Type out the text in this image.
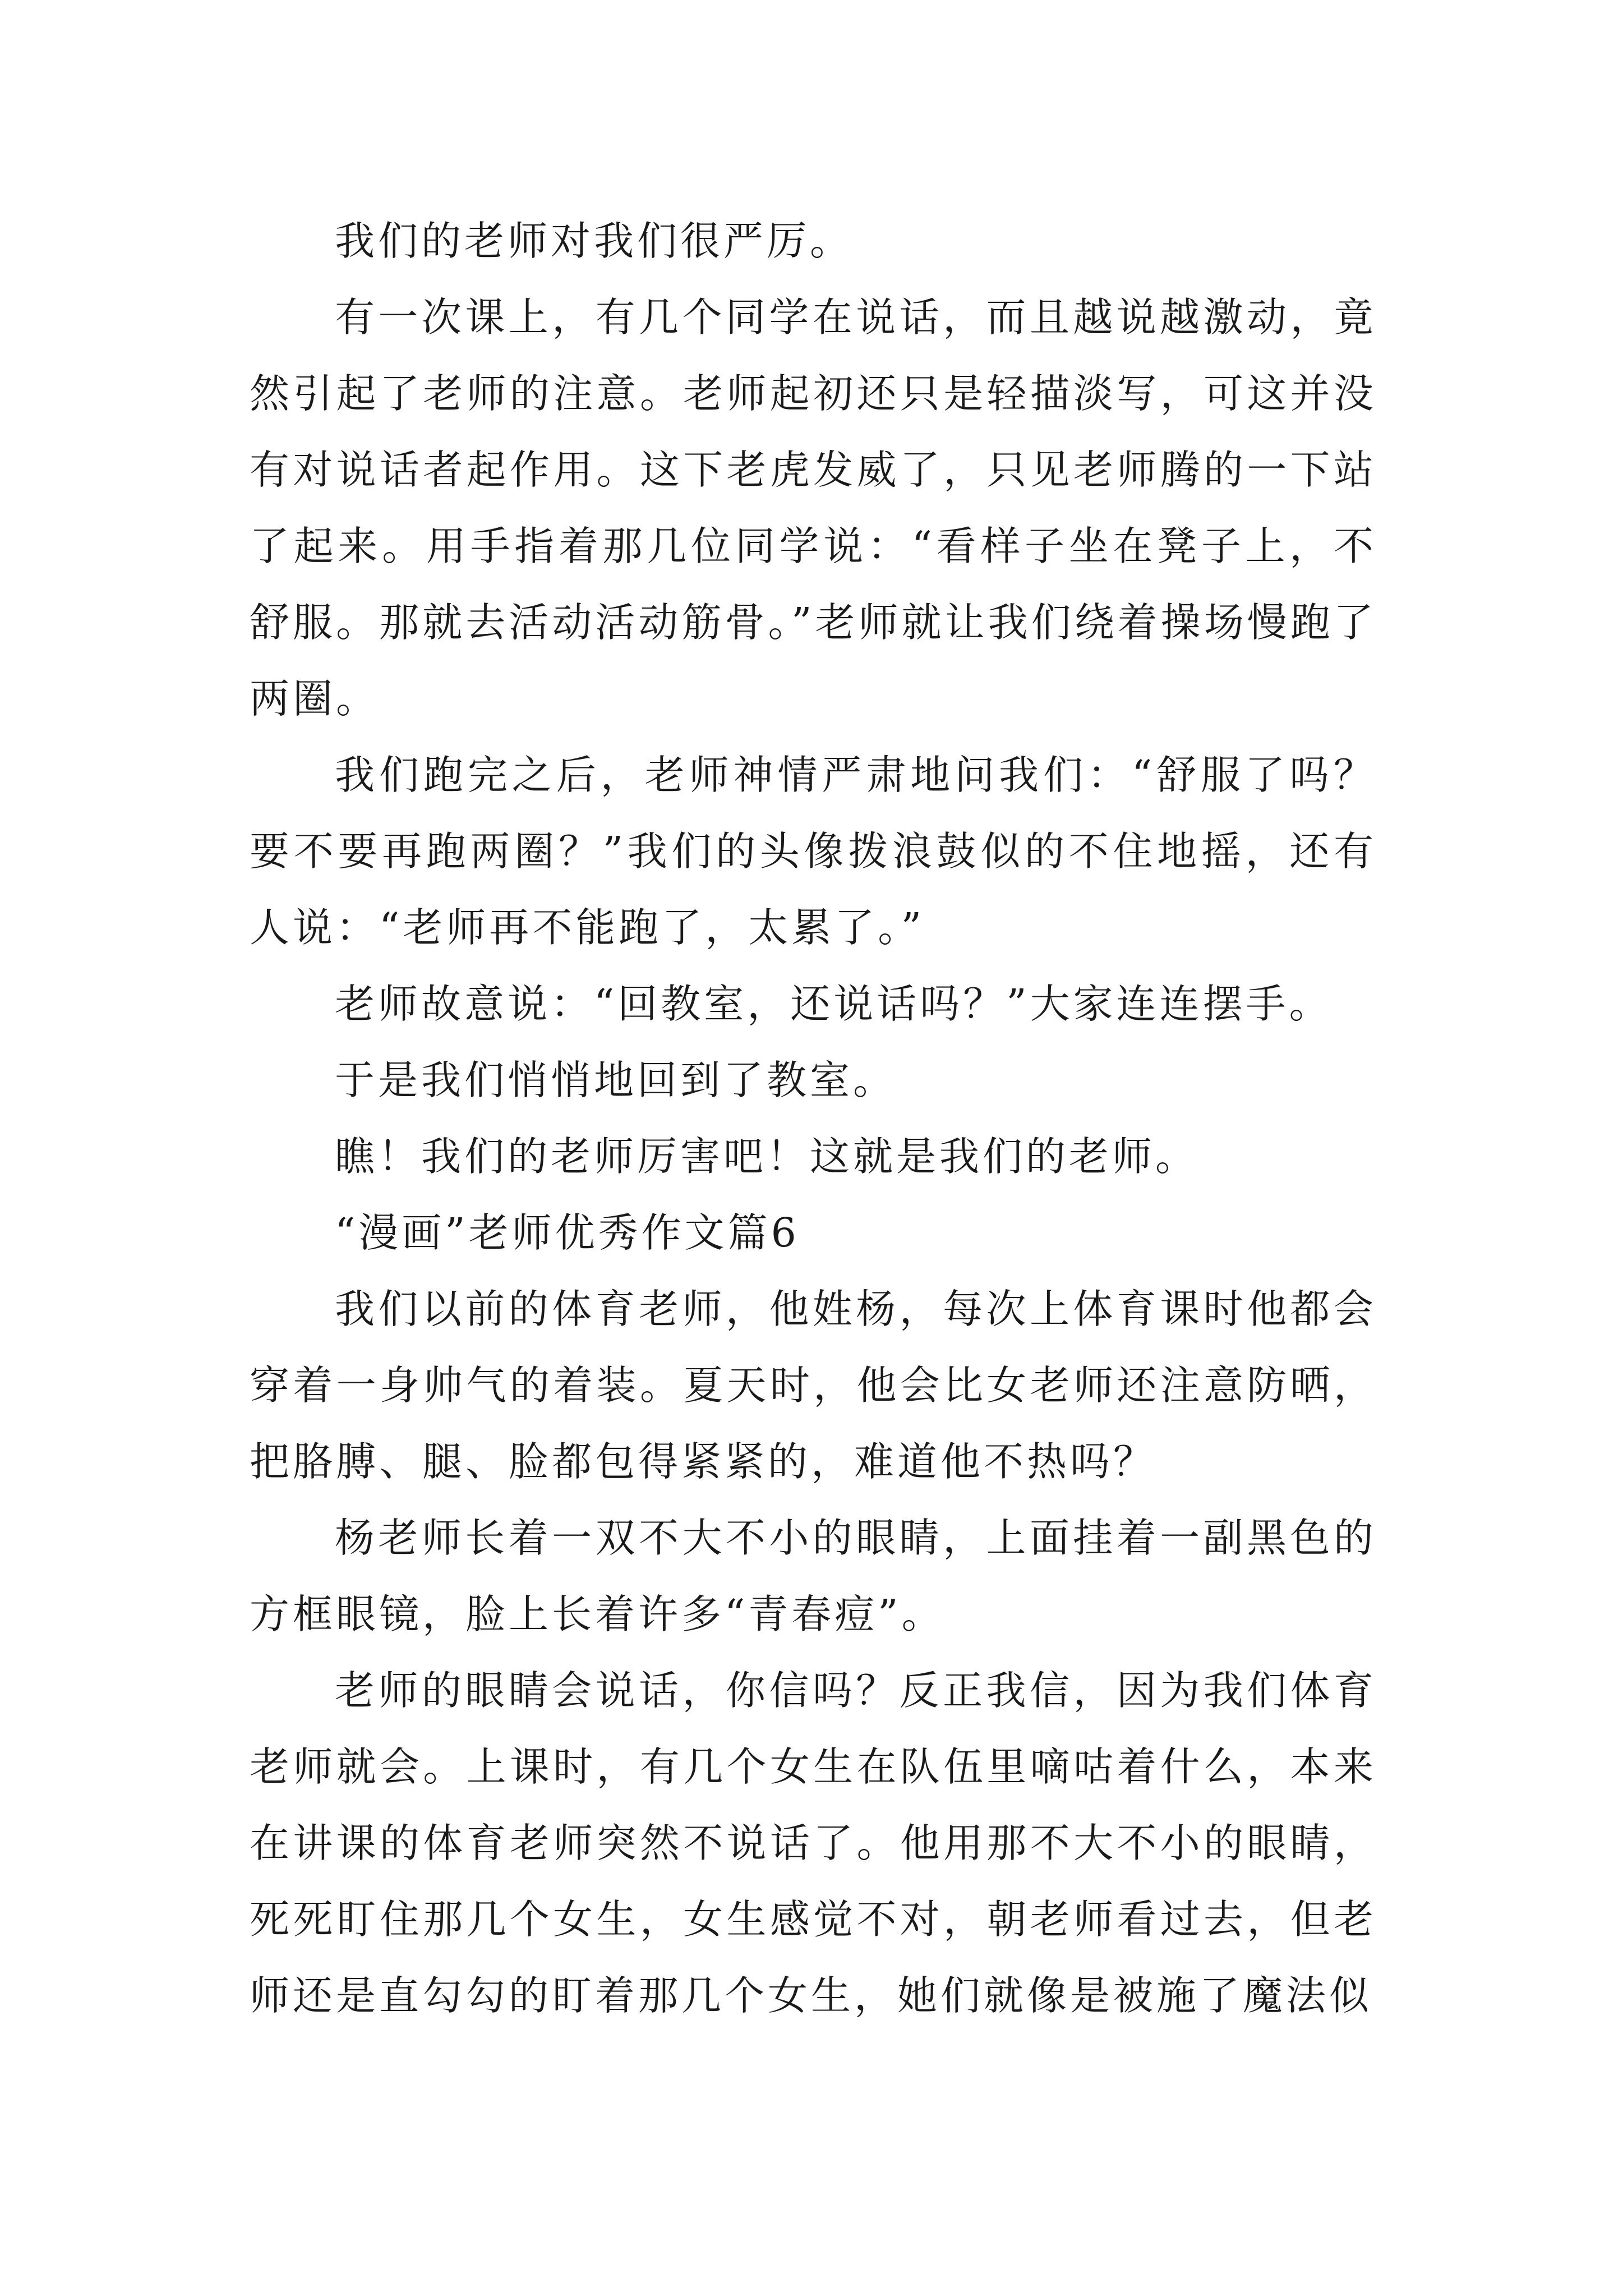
我们的老师对我们很严厉。

有一次课上，有几个同学在说话，而且越说越激动，竟然引起了老师的注意。老师起初还只是轻描淡写，可这并没有对说话者起作用。这下老虎发威了，只见老师腾的一下站了起来。用手指着那几位同学说：“看样子坐在凳子上，不舒服。那就去活动活动筋骨。”老师就让我们绕着操场慢跑了两圈。

我们跑完之后，老师神情严肃地问我们：“舒服了吗？要不要再跑两圈？”我们的头像拨浪鼓似的不住地摇，还有人说：“老师再不能跑了，太累了。”

老师故意说：“回教室，还说话吗？”大家连连摆手。

于是我们悄悄地回到了教室。

瞧！我们的老师厉害吧！这就是我们的老师。

“漫画”老师优秀作文篇6

我们以前的体育老师，他姓杨，每次上体育课时他都会穿着一身帅气的着装。夏天时，他会比女老师还注意防晒，把胳膊、腿、脸都包得紧紧的，难道他不热吗？

杨老师长着一双不大不小的眼睛，上面挂着一副黑色的方框眼镜，脸上长着许多“青春痘”。

老师的眼睛会说话，你信吗？反正我信，因为我们体育老师就会。上课时，有几个女生在队伍里嘀咕着什么，本来在讲课的体育老师突然不说话了。他用那不大不小的眼睛，死死盯住那几个女生，女生感觉不对，朝老师看过去，但老师还是直勾勾的盯着那几个女生，她们就像是被施了魔法似
